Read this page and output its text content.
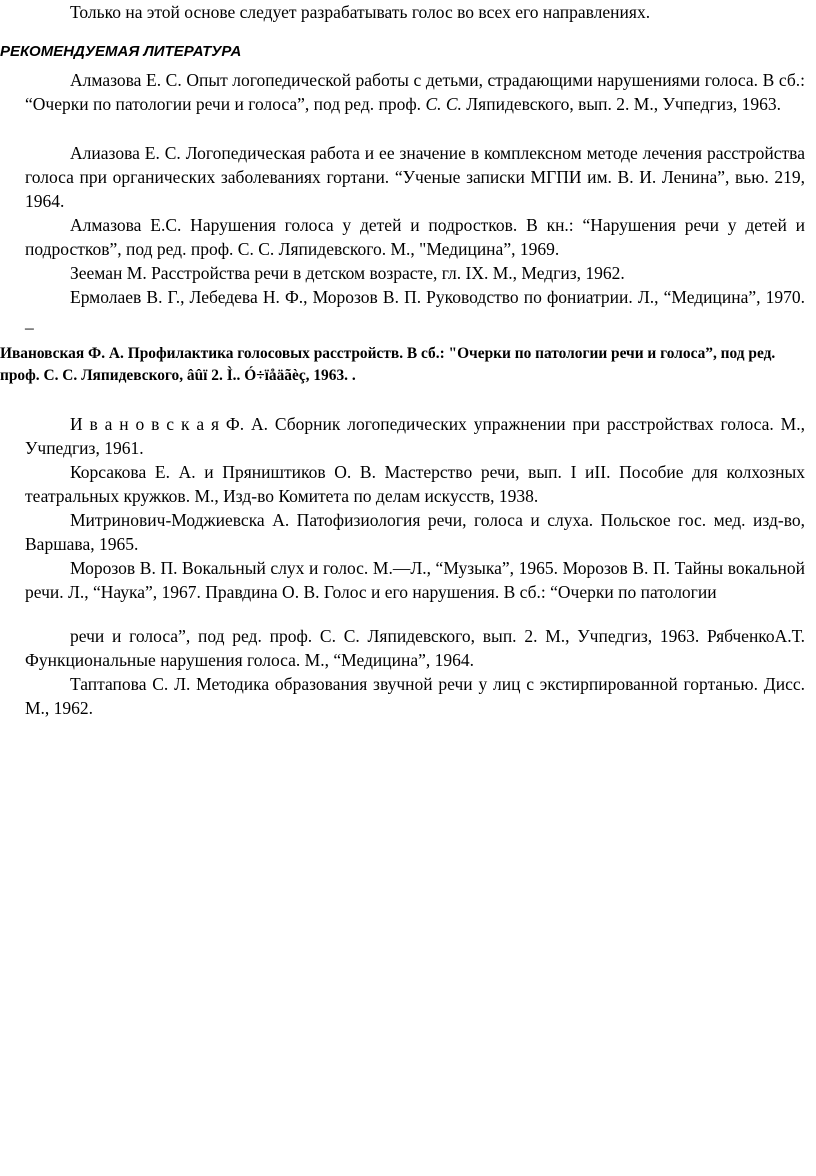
Только на этой основе следует разрабатывать голос во всех его направлениях.

РЕКОМЕНДУЕМАЯ ЛИТЕРАТУРА

Алмазова Е. С. Опыт логопедической работы с детьми, страдающими нарушениями голоса. В сб.: “Очерки по патологии речи и голоса”, под ред. проф. С. С. Ляпидевского, вып. 2. М., Учпедгиз, 1963.

Алиазова Е. С. Логопедическая работа и ее значение в комплексном методе лечения расстройства голоса при органических заболеваниях гортани. “Ученые записки МГПИ им. В. И. Ленина”, вью. 219, 1964.

Алмазова Е.С. Нарушения голоса у детей и подростков. В кн.: “Нарушения речи у детей и подростков”, под ред. проф. С. С. Ляпидевского. М., "Медицина”, 1969.

Зееман М. Расстройства речи в детском возрасте, гл. IX. М., Медгиз, 1962.

Ермолаев В. Г., Лебедева Н. Ф., Морозов В. П. Руководство по фониатрии. Л., “Медицина”, 1970. _

Ивановская Ф. А. Профилактика голосовых расстройств. В сб.: "Очерки по патологии речи и голоса”, под ред. проф. С. С. Ляпидевского, âûï 2. Ì.. Ó÷ïåäãèç, 1963. .

И в а н о в с к а я Ф. А. Сборник логопедических упражнении при расстройствах голоса. М., Учпедгиз, 1961.

Корсакова Е. А. и Пряништиков О. В. Мастерство речи, вып. I иII. Пособие для колхозных театральных кружков. М., Изд-во Комитета по делам искусств, 1938.

Митринович-Моджиевска А. Патофизиология речи, голоса и слуха. Польское гос. мед. изд-во, Варшава, 1965.

Морозов В. П. Вокальный слух и голос. М.—Л., “Музыка”, 1965. Морозов В. П. Тайны вокальной речи. Л., “Наука”, 1967. Правдина О. В. Голос и его нарушения. В сб.: “Очерки по патологии

речи и голоса”, под ред. проф. С. С. Ляпидевского, вып. 2. М., Учпедгиз, 1963. РябченкоА.Т. Функциональные нарушения голоса. М., “Медицина”, 1964.

Таптапова С. Л. Методика образования звучной речи у лиц с экстирпированной гортанью. Дисс. М., 1962.
